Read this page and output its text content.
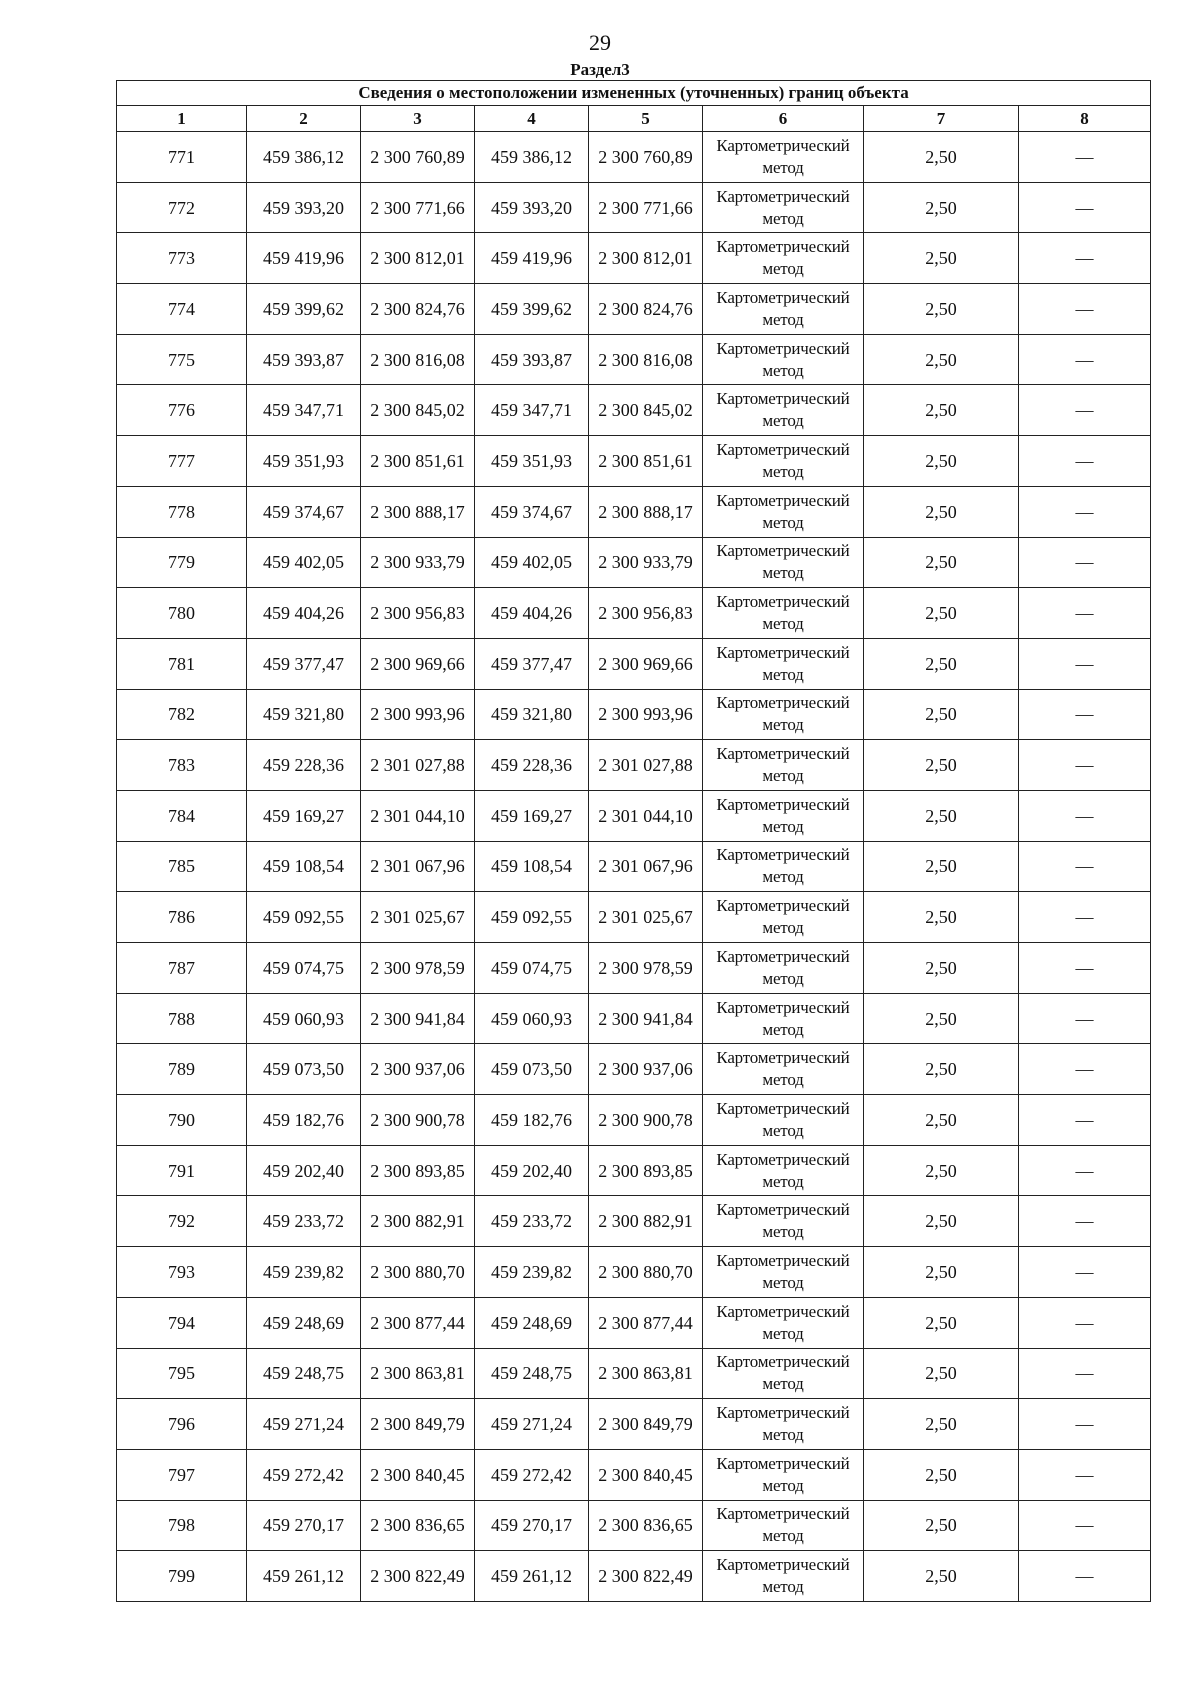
29
Раздел3
Сведения о местоположении измененных (уточненных) границ объекта							
1	2	3	4	5	6	7	8
771	459 386,12	2 300 760,89	459 386,12	2 300 760,89	Картометрический метод	2,50	—
772	459 393,20	2 300 771,66	459 393,20	2 300 771,66	Картометрический метод	2,50	—
773	459 419,96	2 300 812,01	459 419,96	2 300 812,01	Картометрический метод	2,50	—
774	459 399,62	2 300 824,76	459 399,62	2 300 824,76	Картометрический метод	2,50	—
775	459 393,87	2 300 816,08	459 393,87	2 300 816,08	Картометрический метод	2,50	—
776	459 347,71	2 300 845,02	459 347,71	2 300 845,02	Картометрический метод	2,50	—
777	459 351,93	2 300 851,61	459 351,93	2 300 851,61	Картометрический метод	2,50	—
778	459 374,67	2 300 888,17	459 374,67	2 300 888,17	Картометрический метод	2,50	—
779	459 402,05	2 300 933,79	459 402,05	2 300 933,79	Картометрический метод	2,50	—
780	459 404,26	2 300 956,83	459 404,26	2 300 956,83	Картометрический метод	2,50	—
781	459 377,47	2 300 969,66	459 377,47	2 300 969,66	Картометрический метод	2,50	—
782	459 321,80	2 300 993,96	459 321,80	2 300 993,96	Картометрический метод	2,50	—
783	459 228,36	2 301 027,88	459 228,36	2 301 027,88	Картометрический метод	2,50	—
784	459 169,27	2 301 044,10	459 169,27	2 301 044,10	Картометрический метод	2,50	—
785	459 108,54	2 301 067,96	459 108,54	2 301 067,96	Картометрический метод	2,50	—
786	459 092,55	2 301 025,67	459 092,55	2 301 025,67	Картометрический метод	2,50	—
787	459 074,75	2 300 978,59	459 074,75	2 300 978,59	Картометрический метод	2,50	—
788	459 060,93	2 300 941,84	459 060,93	2 300 941,84	Картометрический метод	2,50	—
789	459 073,50	2 300 937,06	459 073,50	2 300 937,06	Картометрический метод	2,50	—
790	459 182,76	2 300 900,78	459 182,76	2 300 900,78	Картометрический метод	2,50	—
791	459 202,40	2 300 893,85	459 202,40	2 300 893,85	Картометрический метод	2,50	—
792	459 233,72	2 300 882,91	459 233,72	2 300 882,91	Картометрический метод	2,50	—
793	459 239,82	2 300 880,70	459 239,82	2 300 880,70	Картометрический метод	2,50	—
794	459 248,69	2 300 877,44	459 248,69	2 300 877,44	Картометрический метод	2,50	—
795	459 248,75	2 300 863,81	459 248,75	2 300 863,81	Картометрический метод	2,50	—
796	459 271,24	2 300 849,79	459 271,24	2 300 849,79	Картометрический метод	2,50	—
797	459 272,42	2 300 840,45	459 272,42	2 300 840,45	Картометрический метод	2,50	—
798	459 270,17	2 300 836,65	459 270,17	2 300 836,65	Картометрический метод	2,50	—
799	459 261,12	2 300 822,49	459 261,12	2 300 822,49	Картометрический метод	2,50	—
